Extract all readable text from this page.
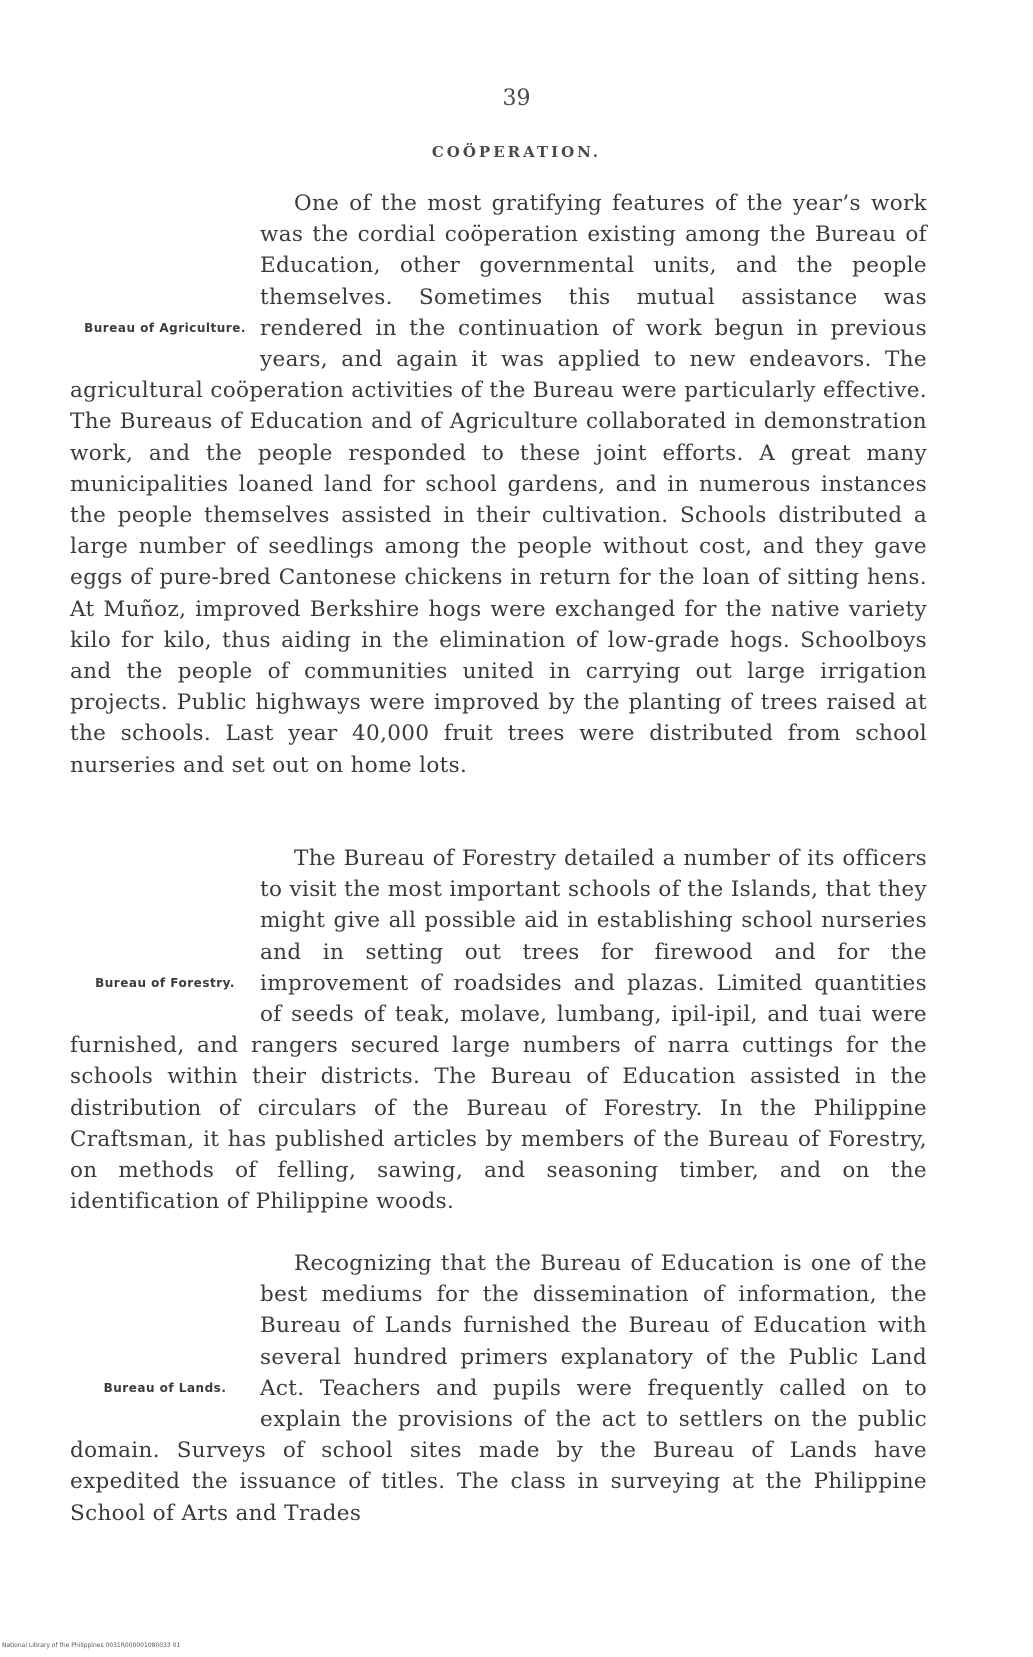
39
COÖPERATION.
Bureau of Agriculture.

One of the most gratifying features of the year’s work was the cordial coöperation existing among the Bureau of Education, other governmental units, and the people themselves. Sometimes this mutual assistance was rendered in the continuation of work begun in previous years, and again it was applied to new endeavors. The agricultural coöperation activities of the Bureau were particularly effective. The Bureaus of Education and of Agriculture collaborated in demonstration work, and the people responded to these joint efforts. A great many municipalities loaned land for school gardens, and in numerous instances the people themselves assisted in their cultivation. Schools distributed a large number of seedlings among the people without cost, and they gave eggs of pure-bred Cantonese chickens in return for the loan of sitting hens. At Muñoz, improved Berkshire hogs were exchanged for the native variety kilo for kilo, thus aiding in the elimination of low-grade hogs. Schoolboys and the people of communities united in carrying out large irrigation projects. Public highways were improved by the planting of trees raised at the schools. Last year 40,000 fruit trees were distributed from school nurseries and set out on home lots.

Bureau of Forestry.

The Bureau of Forestry detailed a number of its officers to visit the most important schools of the Islands, that they might give all possible aid in establishing school nurseries and in setting out trees for firewood and for the improvement of roadsides and plazas. Limited quantities of seeds of teak, molave, lumbang, ipil-ipil, and tuai were furnished, and rangers secured large numbers of narra cuttings for the schools within their districts. The Bureau of Education assisted in the distribution of circulars of the Bureau of Forestry. In the Philippine Craftsman, it has published articles by members of the Bureau of Forestry, on methods of felling, sawing, and seasoning timber, and on the identification of Philippine woods.

Bureau of Lands.

Recognizing that the Bureau of Education is one of the best mediums for the dissemination of information, the Bureau of Lands furnished the Bureau of Education with several hundred primers explanatory of the Public Land Act. Teachers and pupils were frequently called on to explain the provisions of the act to settlers on the public domain. Surveys of school sites made by the Bureau of Lands have expedited the issuance of titles. The class in surveying at the Philippine School of Arts and Trades

National Library of the Philippines 0031R000001080033 01
